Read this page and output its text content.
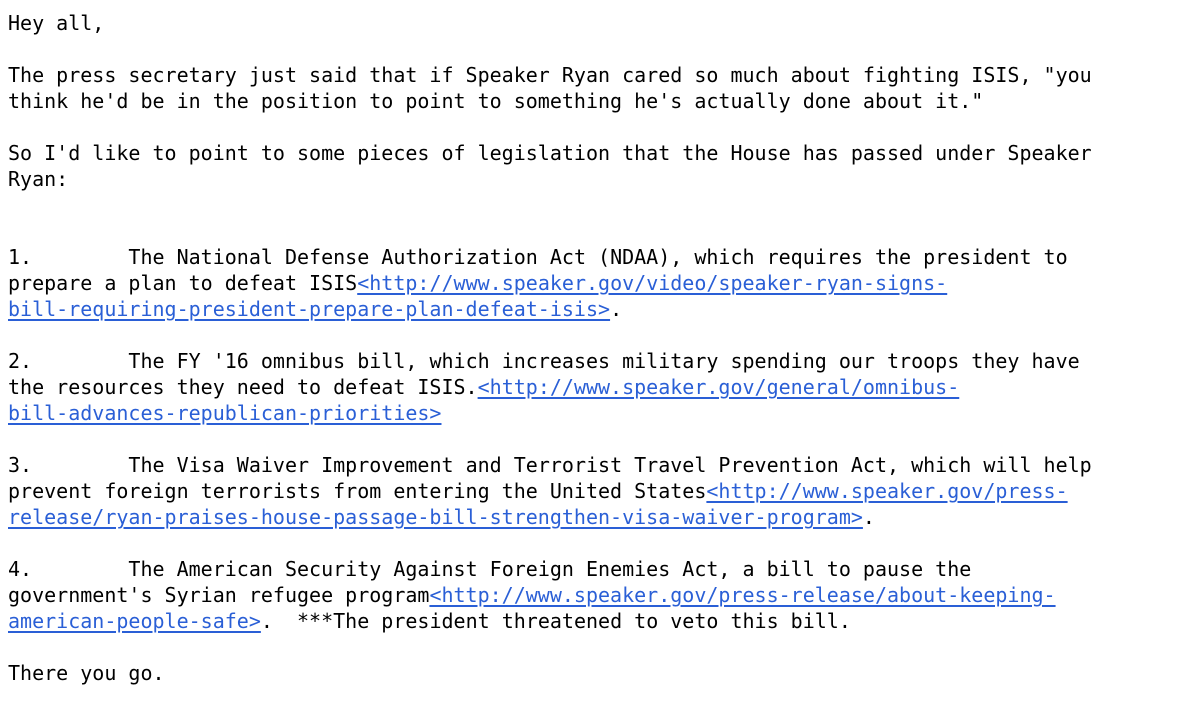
Hey all,
The press secretary just said that if Speaker Ryan cared so much about fighting ISIS, "you
think he'd be in the position to point to something he's actually done about it."
So I'd like to point to some pieces of legislation that the House has passed under Speaker
Ryan:
1.	The National Defense Authorization Act (NDAA), which requires the president to
prepare a plan to defeat ISIS<http://www.speaker.gov/video/speaker-ryan-signs-
bill-requiring-president-prepare-plan-defeat-isis>.
2.	The FY '16 omnibus bill, which increases military spending our troops they have
the resources they need to defeat ISIS.<http://www.speaker.gov/general/omnibus-
bill-advances-republican-priorities>
3.	The Visa Waiver Improvement and Terrorist Travel Prevention Act, which will help
prevent foreign terrorists from entering the United States<http://www.speaker.gov/press-
release/ryan-praises-house-passage-bill-strengthen-visa-waiver-program>.
4.	The American Security Against Foreign Enemies Act, a bill to pause the
government's Syrian refugee program<http://www.speaker.gov/press-release/about-keeping-
american-people-safe>.  ***The president threatened to veto this bill.
There you go.
